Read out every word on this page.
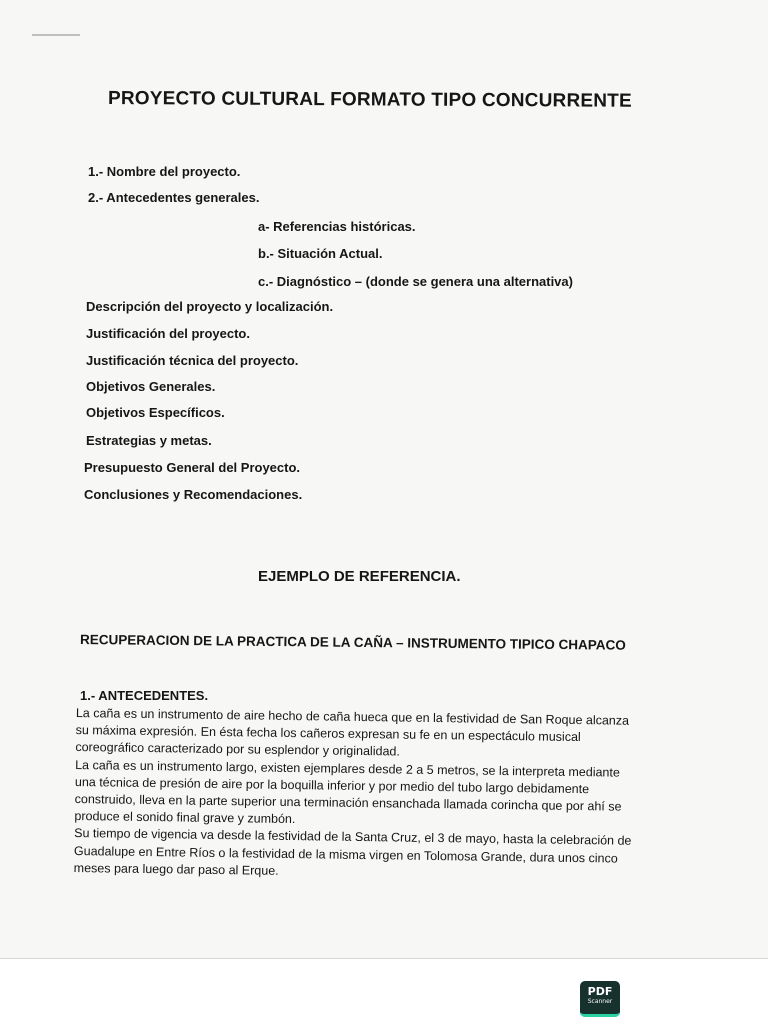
PROYECTO CULTURAL FORMATO TIPO CONCURRENTE
1.- Nombre del proyecto.
2.- Antecedentes generales.
a- Referencias históricas.
b.- Situación Actual.
c.- Diagnóstico – (donde se genera una alternativa)
Descripción del proyecto y localización.
Justificación del proyecto.
Justificación técnica del proyecto.
Objetivos Generales.
Objetivos Específicos.
Estrategias y metas.
Presupuesto General del Proyecto.
Conclusiones y Recomendaciones.
EJEMPLO DE REFERENCIA.
RECUPERACION DE LA PRACTICA DE LA CAÑA – INSTRUMENTO TIPICO CHAPACO
1.- ANTECEDENTES.

La caña es un instrumento de aire hecho de caña hueca que en la festividad de San Roque alcanza su máxima expresión. En ésta fecha los cañeros expresan su fe en un espectáculo musical coreográfico caracterizado por su esplendor y originalidad.

La caña es un instrumento largo, existen ejemplares desde 2 a 5 metros, se la interpreta mediante una técnica de presión de aire por la boquilla inferior y por medio del tubo largo debidamente construido, lleva en la parte superior una terminación ensanchada llamada corincha que por ahí se produce el sonido final grave y zumbón.

Su tiempo de vigencia va desde la festividad de la Santa Cruz, el 3 de mayo, hasta la celebración de Guadalupe en Entre Ríos o la festividad de la misma virgen en Tolomosa Grande, dura unos cinco meses para luego dar paso al Erque.

PDF
Scanner
